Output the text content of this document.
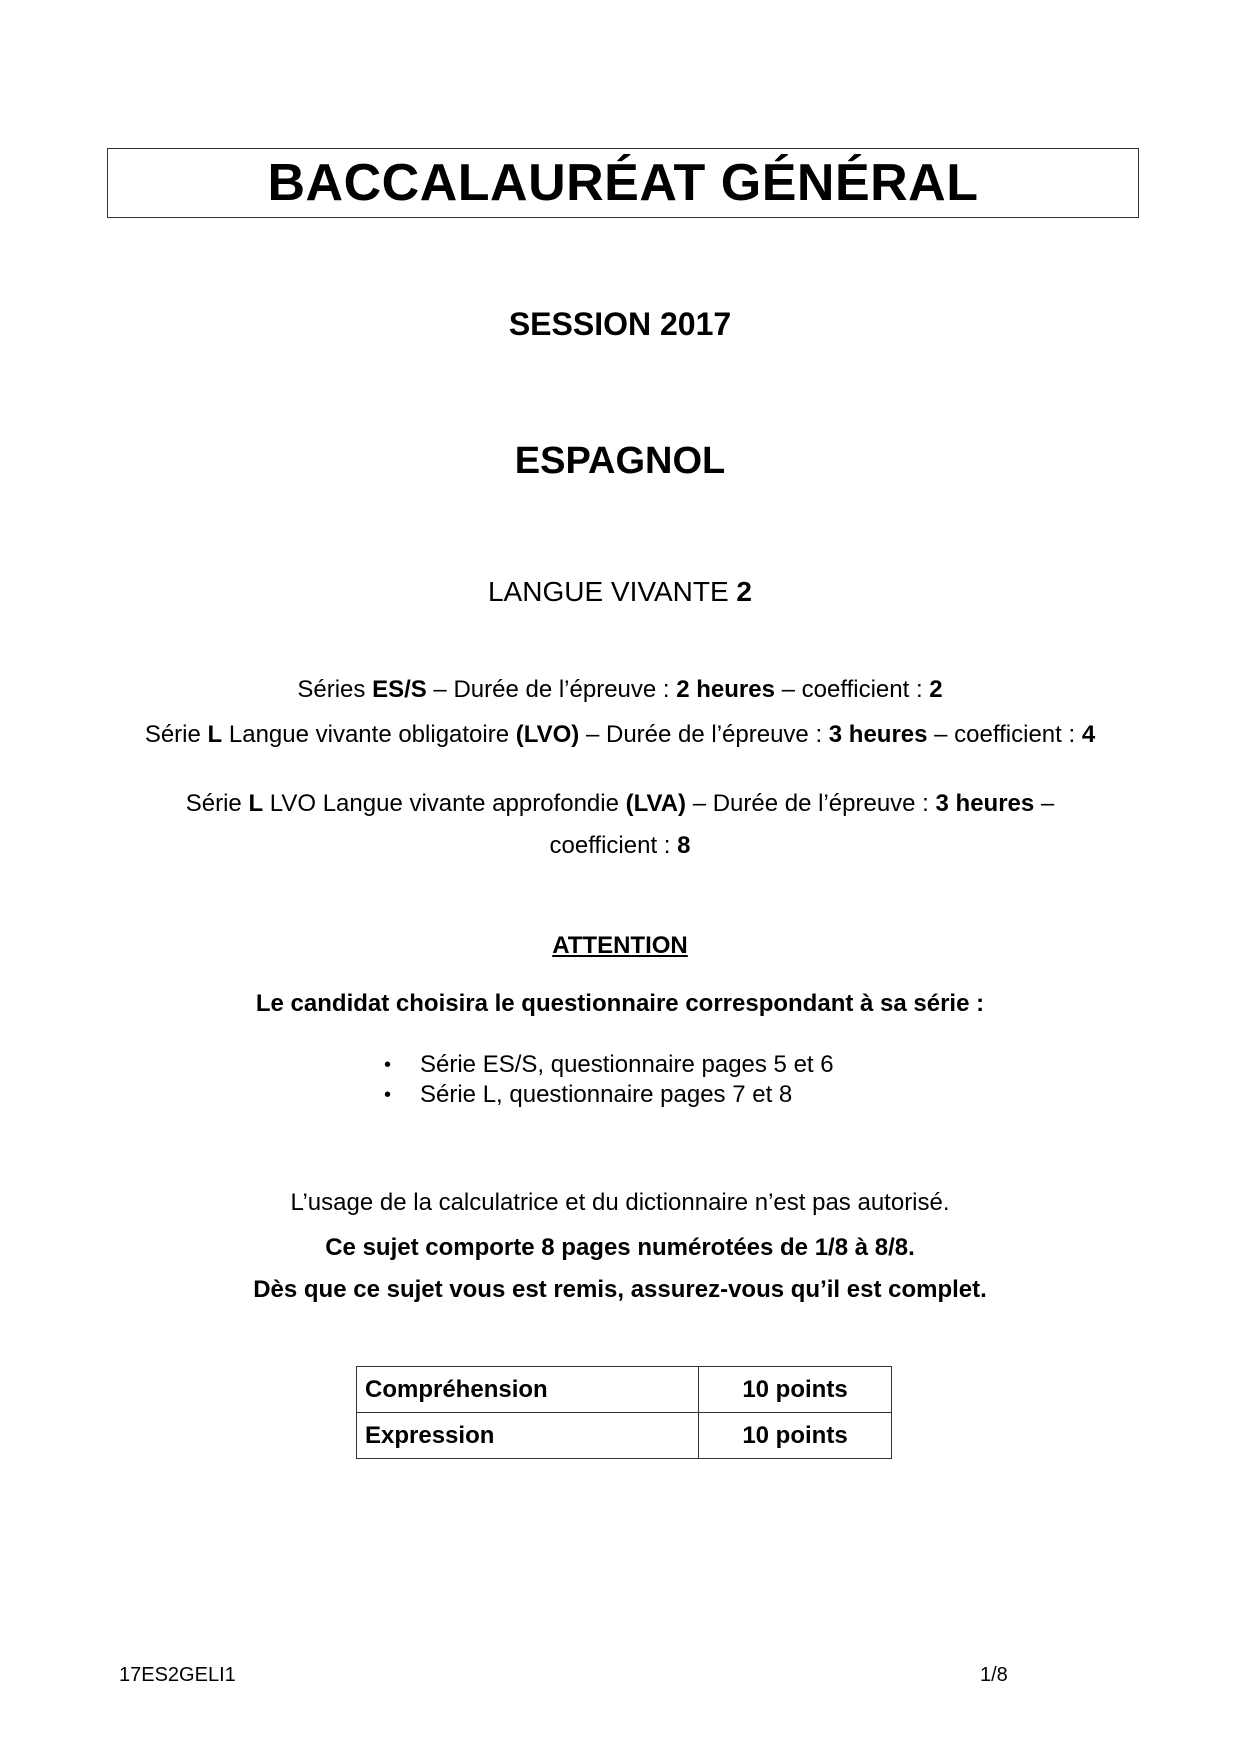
BACCALAURÉAT GÉNÉRAL
SESSION 2017
ESPAGNOL
LANGUE VIVANTE 2
Séries ES/S – Durée de l’épreuve : 2 heures – coefficient : 2
Série L Langue vivante obligatoire (LVO) – Durée de l’épreuve : 3 heures – coefficient : 4
Série L LVO Langue vivante approfondie (LVA) – Durée de l’épreuve : 3 heures –
coefficient : 8
ATTENTION
Le candidat choisira le questionnaire correspondant à sa série :
• Série ES/S, questionnaire pages 5 et 6
• Série L, questionnaire pages 7 et 8
L’usage de la calculatrice et du dictionnaire n’est pas autorisé.
Ce sujet comporte 8 pages numérotées de 1/8 à 8/8.
Dès que ce sujet vous est remis, assurez-vous qu’il est complet.
Compréhension	10 points
Expression	10 points
17ES2GELI1	1/8
